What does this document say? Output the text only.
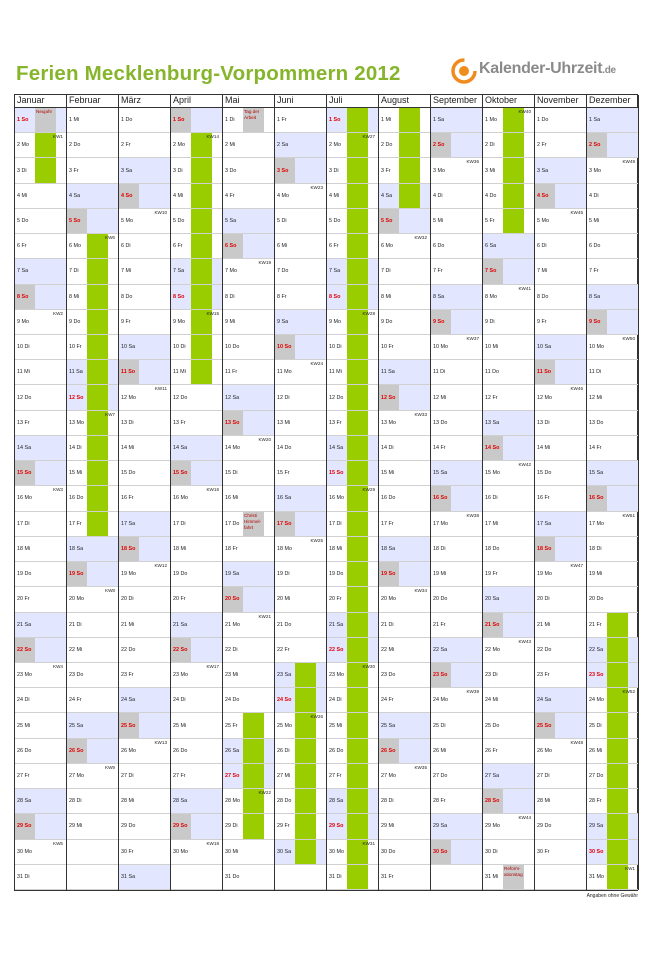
Ferien Mecklenburg-Vorpommern 2012	Kalender-Uhrzeit.de
Januar
Neujahr
1 So
2 Mo
KW1
3 Di
4 Mi
5 Do
6 Fr
7 Sa
8 So
9 Mo
KW2
10 Di
11 Mi
12 Do
13 Fr
14 Sa
15 So
16 Mo
KW3
17 Di
18 Mi
19 Do
20 Fr
21 Sa
22 So
23 Mo
KW4
24 Di
25 Mi
26 Do
27 Fr
28 Sa
29 So
30 Mo
KW5
31 Di
Februar
1 Mi
2 Do
3 Fr
4 Sa
5 So
6 Mo
KW6
7 Di
8 Mi
9 Do
10 Fr
11 Sa
12 So
13 Mo
KW7
14 Di
15 Mi
16 Do
17 Fr
18 Sa
19 So
20 Mo
KW8
21 Di
22 Mi
23 Do
24 Fr
25 Sa
26 So
27 Mo
KW9
28 Di
29 Mi
März
1 Do
2 Fr
3 Sa
4 So
5 Mo
KW10
6 Di
7 Mi
8 Do
9 Fr
10 Sa
11 So
12 Mo
KW11
13 Di
14 Mi
15 Do
16 Fr
17 Sa
18 So
19 Mo
KW12
20 Di
21 Mi
22 Do
23 Fr
24 Sa
25 So
26 Mo
KW13
27 Di
28 Mi
29 Do
30 Fr
31 Sa
April
1 So
2 Mo
KW14
3 Di
4 Mi
5 Do
6 Fr
7 Sa
8 So
9 Mo
KW15
10 Di
11 Mi
12 Do
13 Fr
14 Sa
15 So
16 Mo
KW16
17 Di
18 Mi
19 Do
20 Fr
21 Sa
22 So
23 Mo
KW17
24 Di
25 Mi
26 Do
27 Fr
28 Sa
29 So
30 Mo
KW18
Mai
Tag der
Arbeit
1 Di
2 Mi
3 Do
4 Fr
5 Sa
6 So
7 Mo
KW19
8 Di
9 Mi
10 Do
11 Fr
12 Sa
13 So
14 Mo
KW20
15 Di
16 Mi
Christi
Himmel-
fahrt
17 Do
18 Fr
19 Sa
20 So
21 Mo
KW21
22 Di
23 Mi
24 Do
25 Fr
26 Sa
27 So
28 Mo
KW22
29 Di
30 Mi
31 Do
Juni
1 Fr
2 Sa
3 So
4 Mo
KW23
5 Di
6 Mi
7 Do
8 Fr
9 Sa
10 So
11 Mo
KW24
12 Di
13 Mi
14 Do
15 Fr
16 Sa
17 So
18 Mo
KW25
19 Di
20 Mi
21 Do
22 Fr
23 Sa
24 So
25 Mo
KW26
26 Di
27 Mi
28 Do
29 Fr
30 Sa
Juli
1 So
2 Mo
KW27
3 Di
4 Mi
5 Do
6 Fr
7 Sa
8 So
9 Mo
KW28
10 Di
11 Mi
12 Do
13 Fr
14 Sa
15 So
16 Mo
KW29
17 Di
18 Mi
19 Do
20 Fr
21 Sa
22 So
23 Mo
KW30
24 Di
25 Mi
26 Do
27 Fr
28 Sa
29 So
30 Mo
KW31
31 Di
August
1 Mi
2 Do
3 Fr
4 Sa
5 So
6 Mo
KW32
7 Di
8 Mi
9 Do
10 Fr
11 Sa
12 So
13 Mo
KW33
14 Di
15 Mi
16 Do
17 Fr
18 Sa
19 So
20 Mo
KW34
21 Di
22 Mi
23 Do
24 Fr
25 Sa
26 So
27 Mo
KW35
28 Di
29 Mi
30 Do
31 Fr
September
1 Sa
2 So
3 Mo
KW36
4 Di
5 Mi
6 Do
7 Fr
8 Sa
9 So
10 Mo
KW37
11 Di
12 Mi
13 Do
14 Fr
15 Sa
16 So
17 Mo
KW38
18 Di
19 Mi
20 Do
21 Fr
22 Sa
23 So
24 Mo
KW39
25 Di
26 Mi
27 Do
28 Fr
29 Sa
30 So
Oktober
1 Mo
KW40
2 Di
3 Mi
4 Do
5 Fr
6 Sa
7 So
8 Mo
KW41
9 Di
10 Mi
11 Do
12 Fr
13 Sa
14 So
15 Mo
KW42
16 Di
17 Mi
18 Do
19 Fr
20 Sa
21 So
22 Mo
KW43
23 Di
24 Mi
25 Do
26 Fr
27 Sa
28 So
29 Mo
KW44
30 Di
Reform-
ationstag
31 Mi
November
1 Do
2 Fr
3 Sa
4 So
5 Mo
KW45
6 Di
7 Mi
8 Do
9 Fr
10 Sa
11 So
12 Mo
KW46
13 Di
14 Mi
15 Do
16 Fr
17 Sa
18 So
19 Mo
KW47
20 Di
21 Mi
22 Do
23 Fr
24 Sa
25 So
26 Mo
KW48
27 Di
28 Mi
29 Do
30 Fr
Dezember
1 Sa
2 So
3 Mo
KW49
4 Di
5 Mi
6 Do
7 Fr
8 Sa
9 So
10 Mo
KW50
11 Di
12 Mi
13 Do
14 Fr
15 Sa
16 So
17 Mo
KW51
18 Di
19 Mi
20 Do
21 Fr
22 Sa
23 So
24 Mo
KW52
25 Di
26 Mi
27 Do
28 Fr
29 Sa
30 So
31 Mo
KW1
Angaben ohne Gewähr
